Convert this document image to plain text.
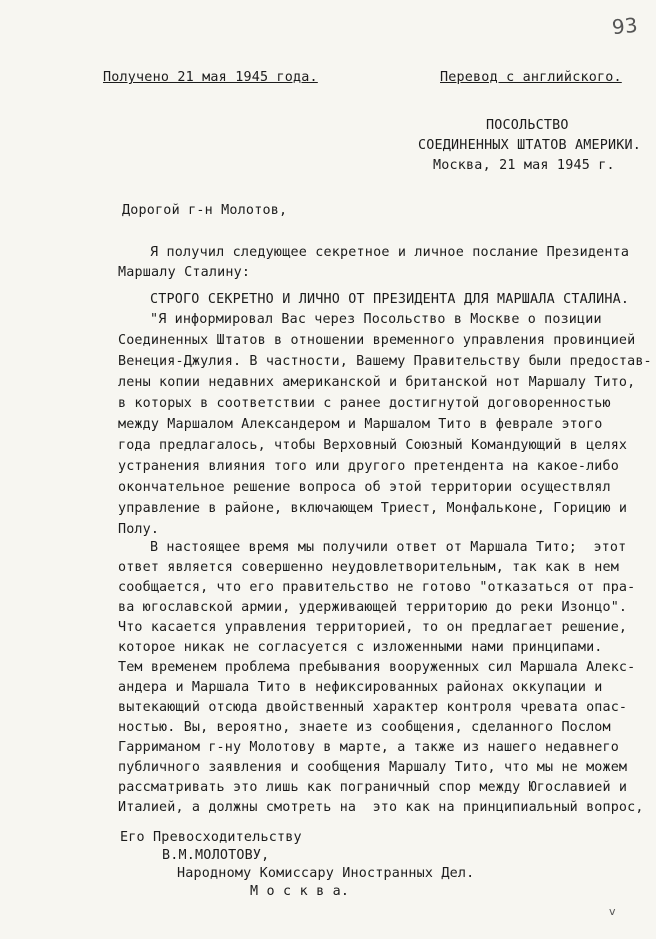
93
Получено 21 мая 1945 года.	Перевод с английского.
ПОСОЛЬСТВО
СОЕДИНЕННЫХ ШТАТОВ АМЕРИКИ.
Москва, 21 мая 1945 г.
Дорогой г-н Молотов,
Я получил следующее секретное и личное послание Президента
Маршалу Сталину:
СТРОГО СЕКРЕТНО И ЛИЧНО ОТ ПРЕЗИДЕНТА ДЛЯ МАРШАЛА СТАЛИНА.
"Я информировал Вас через Посольство в Москве о позиции
Соединенных Штатов в отношении временного управления провинцией
Венеция-Джулия. В частности, Вашему Правительству были предостав-
лены копии недавних американской и британской нот Маршалу Тито,
в которых в соответствии с ранее достигнутой договоренностью
между Маршалом Александером и Маршалом Тито в феврале этого
года предлагалось, чтобы Верховный Союзный Командующий в целях
устранения влияния того или другого претендента на какое-либо
окончательное решение вопроса об этой территории осуществлял
управление в районе, включающем Триест, Монфальконе, Горицию и
Полу.
В настоящее время мы получили ответ от Маршала Тито;  этот
ответ является совершенно неудовлетворительным, так как в нем
сообщается, что его правительство не готово "отказаться от пра-
ва югославской армии, удерживающей территорию до реки Изонцо".
Что касается управления территорией, то он предлагает решение,
которое никак не согласуется с изложенными нами принципами.
Тем временем проблема пребывания вооруженных сил Маршала Алекс-
андера и Маршала Тито в нефиксированных районах оккупации и
вытекающий отсюда двойственный характер контроля чревата опас-
ностью. Вы, вероятно, знаете из сообщения, сделанного Послом
Гарриманом г-ну Молотову в марте, а также из нашего недавнего
публичного заявления и сообщения Маршалу Тито, что мы не можем
рассматривать это лишь как пограничный спор между Югославией и
Италией, а должны смотреть на  это как на принципиальный вопрос,
Его Превосходительству
В.М.МОЛОТОВУ,
Народному Комиссару Иностранных Дел.
М о с к в а.
v
